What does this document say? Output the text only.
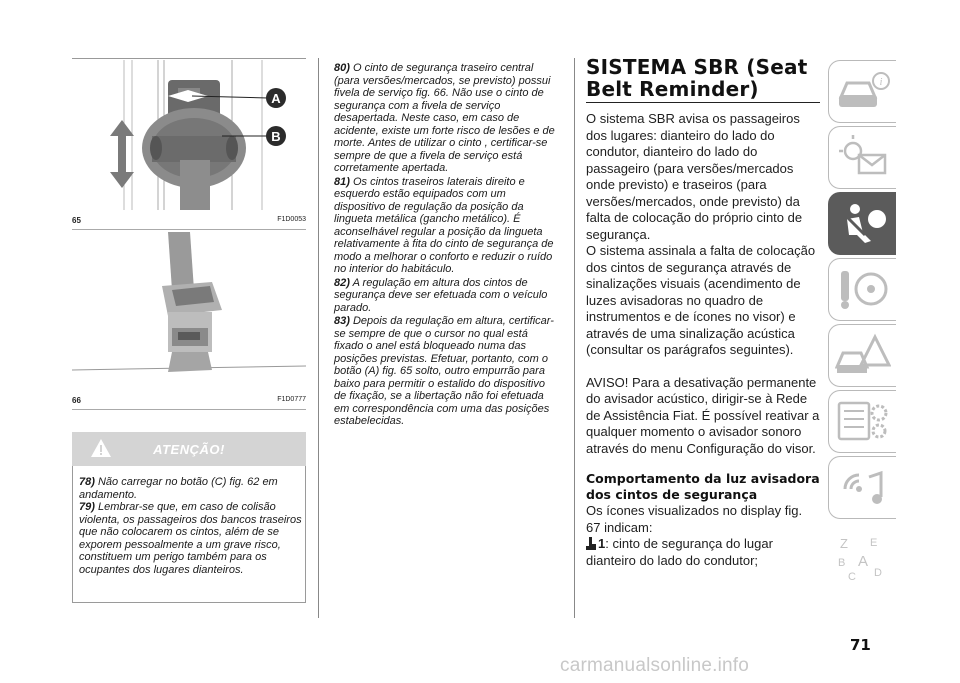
A
B
65	F1D0053
66	F1D0777
ATENÇÃO!

78) Não carregar no botão (C) fig. 62 em andamento.

79) Lembrar-se que, em caso de colisão violenta, os passageiros dos bancos traseiros que não colocarem os cintos, além de se exporem pessoalmente a um grave risco, constituem um perigo também para os ocupantes dos lugares dianteiros.

80) O cinto de segurança traseiro central (para versões/mercados, se previsto) possui fivela de serviço fig. 66. Não use o cinto de segurança com a fivela de serviço desapertada. Neste caso, em caso de acidente, existe um forte risco de lesões e de morte. Antes de utilizar o cinto , certificar-se sempre de que a fivela de serviço está corretamente apertada.

81) Os cintos traseiros laterais direito e esquerdo estão equipados com um dispositivo de regulação da posição da lingueta metálica (gancho metálico). É aconselhável regular a posição da lingueta relativamente à fita do cinto de segurança de modo a melhorar o conforto e reduzir o ruído no interior do habitáculo.

82) A regulação em altura dos cintos de segurança deve ser efetuada com o veículo parado.

83) Depois da regulação em altura, certificar-se sempre de que o cursor no qual está fixado o anel está bloqueado numa das posições previstas. Efetuar, portanto, com o botão (A) fig. 65 solto, outro empurrão para baixo para permitir o estalido do dispositivo de fixação, se a libertação não foi efetuada em correspondência com uma das posições estabelecidas.

SISTEMA SBR (Seat Belt Reminder)

O sistema SBR avisa os passageiros dos lugares: dianteiro do lado do condutor, dianteiro do lado do passageiro (para versões/mercados onde previsto) e traseiros (para versões/mercados, onde previsto) da falta de colocação do próprio cinto de segurança.

O sistema assinala a falta de colocação dos cintos de segurança através de sinalizações visuais (acendimento de luzes avisadoras no quadro de instrumentos e de ícones no visor) e através de uma sinalização acústica (consultar os parágrafos seguintes).

AVISO! Para a desativação permanente do avisador acústico, dirigir-se à Rede de Assistência Fiat. É possível reativar a qualquer momento o avisador sonoro através do menu Configuração do visor.

Comportamento da luz avisadora dos cintos de segurança

Os ícones visualizados no display fig. 67 indicam:

1: cinto de segurança do lugar dianteiro do lado do condutor;

i
Z E
B A
C D
71
carmanualsonline.info
